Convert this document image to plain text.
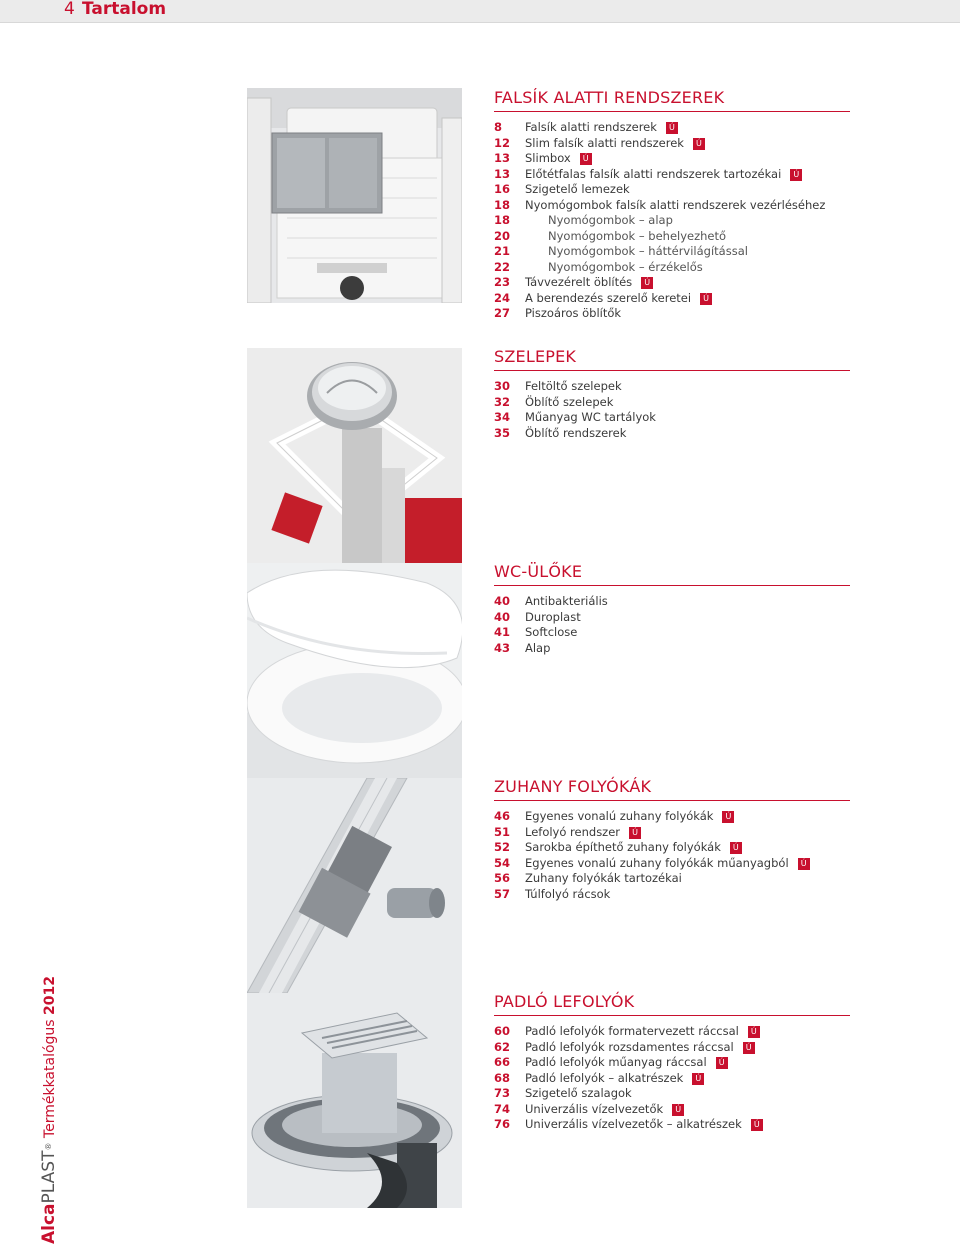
4 Tartalom
FALSÍK ALATTI RENDSZEREK
8 Falsík alatti rendszerek Ú
12 Slim falsík alatti rendszerek Ú
13 Slimbox Ú
13 Előtétfalas falsík alatti rendszerek tartozékai Ú
16 Szigetelő lemezek
18 Nyomógombok falsík alatti rendszerek vezérléséhez
18	Nyomógombok – alap
20	Nyomógombok – behelyezhető
21	Nyomógombok – háttérvilágítással
22	Nyomógombok – érzékelős
23 Távvezérelt öblítés Ú
24 A berendezés szerelő keretei Ú
27 Piszoáros öblítők
SZELEPEK
30 Feltöltő szelepek
32 Öblítő szelepek
34 Műanyag WC tartályok
35 Öblítő rendszerek
WC-ÜLŐKE
40 Antibakteriális
40 Duroplast
41 Softclose
43 Alap
ZUHANY FOLYÓKÁK
46 Egyenes vonalú zuhany folyókák Ú
51 Lefolyó rendszer Ú
52 Sarokba építhető zuhany folyókák Ú
54 Egyenes vonalú zuhany folyókák műanyagból Ú
56 Zuhany folyókák tartozékai
57 Túlfolyó rácsok
PADLÓ LEFOLYÓK
60 Padló lefolyók formatervezett ráccsal Ú
62 Padló lefolyók rozsdamentes ráccsal Ú
66 Padló lefolyók műanyag ráccsal Ú
68 Padló lefolyók – alkatrészek Ú
73 Szigetelő szalagok
74 Univerzális vízelvezetők Ú
76 Univerzális vízelvezetők – alkatrészek Ú
AlcaPLAST® Termékkatalógus 2012
